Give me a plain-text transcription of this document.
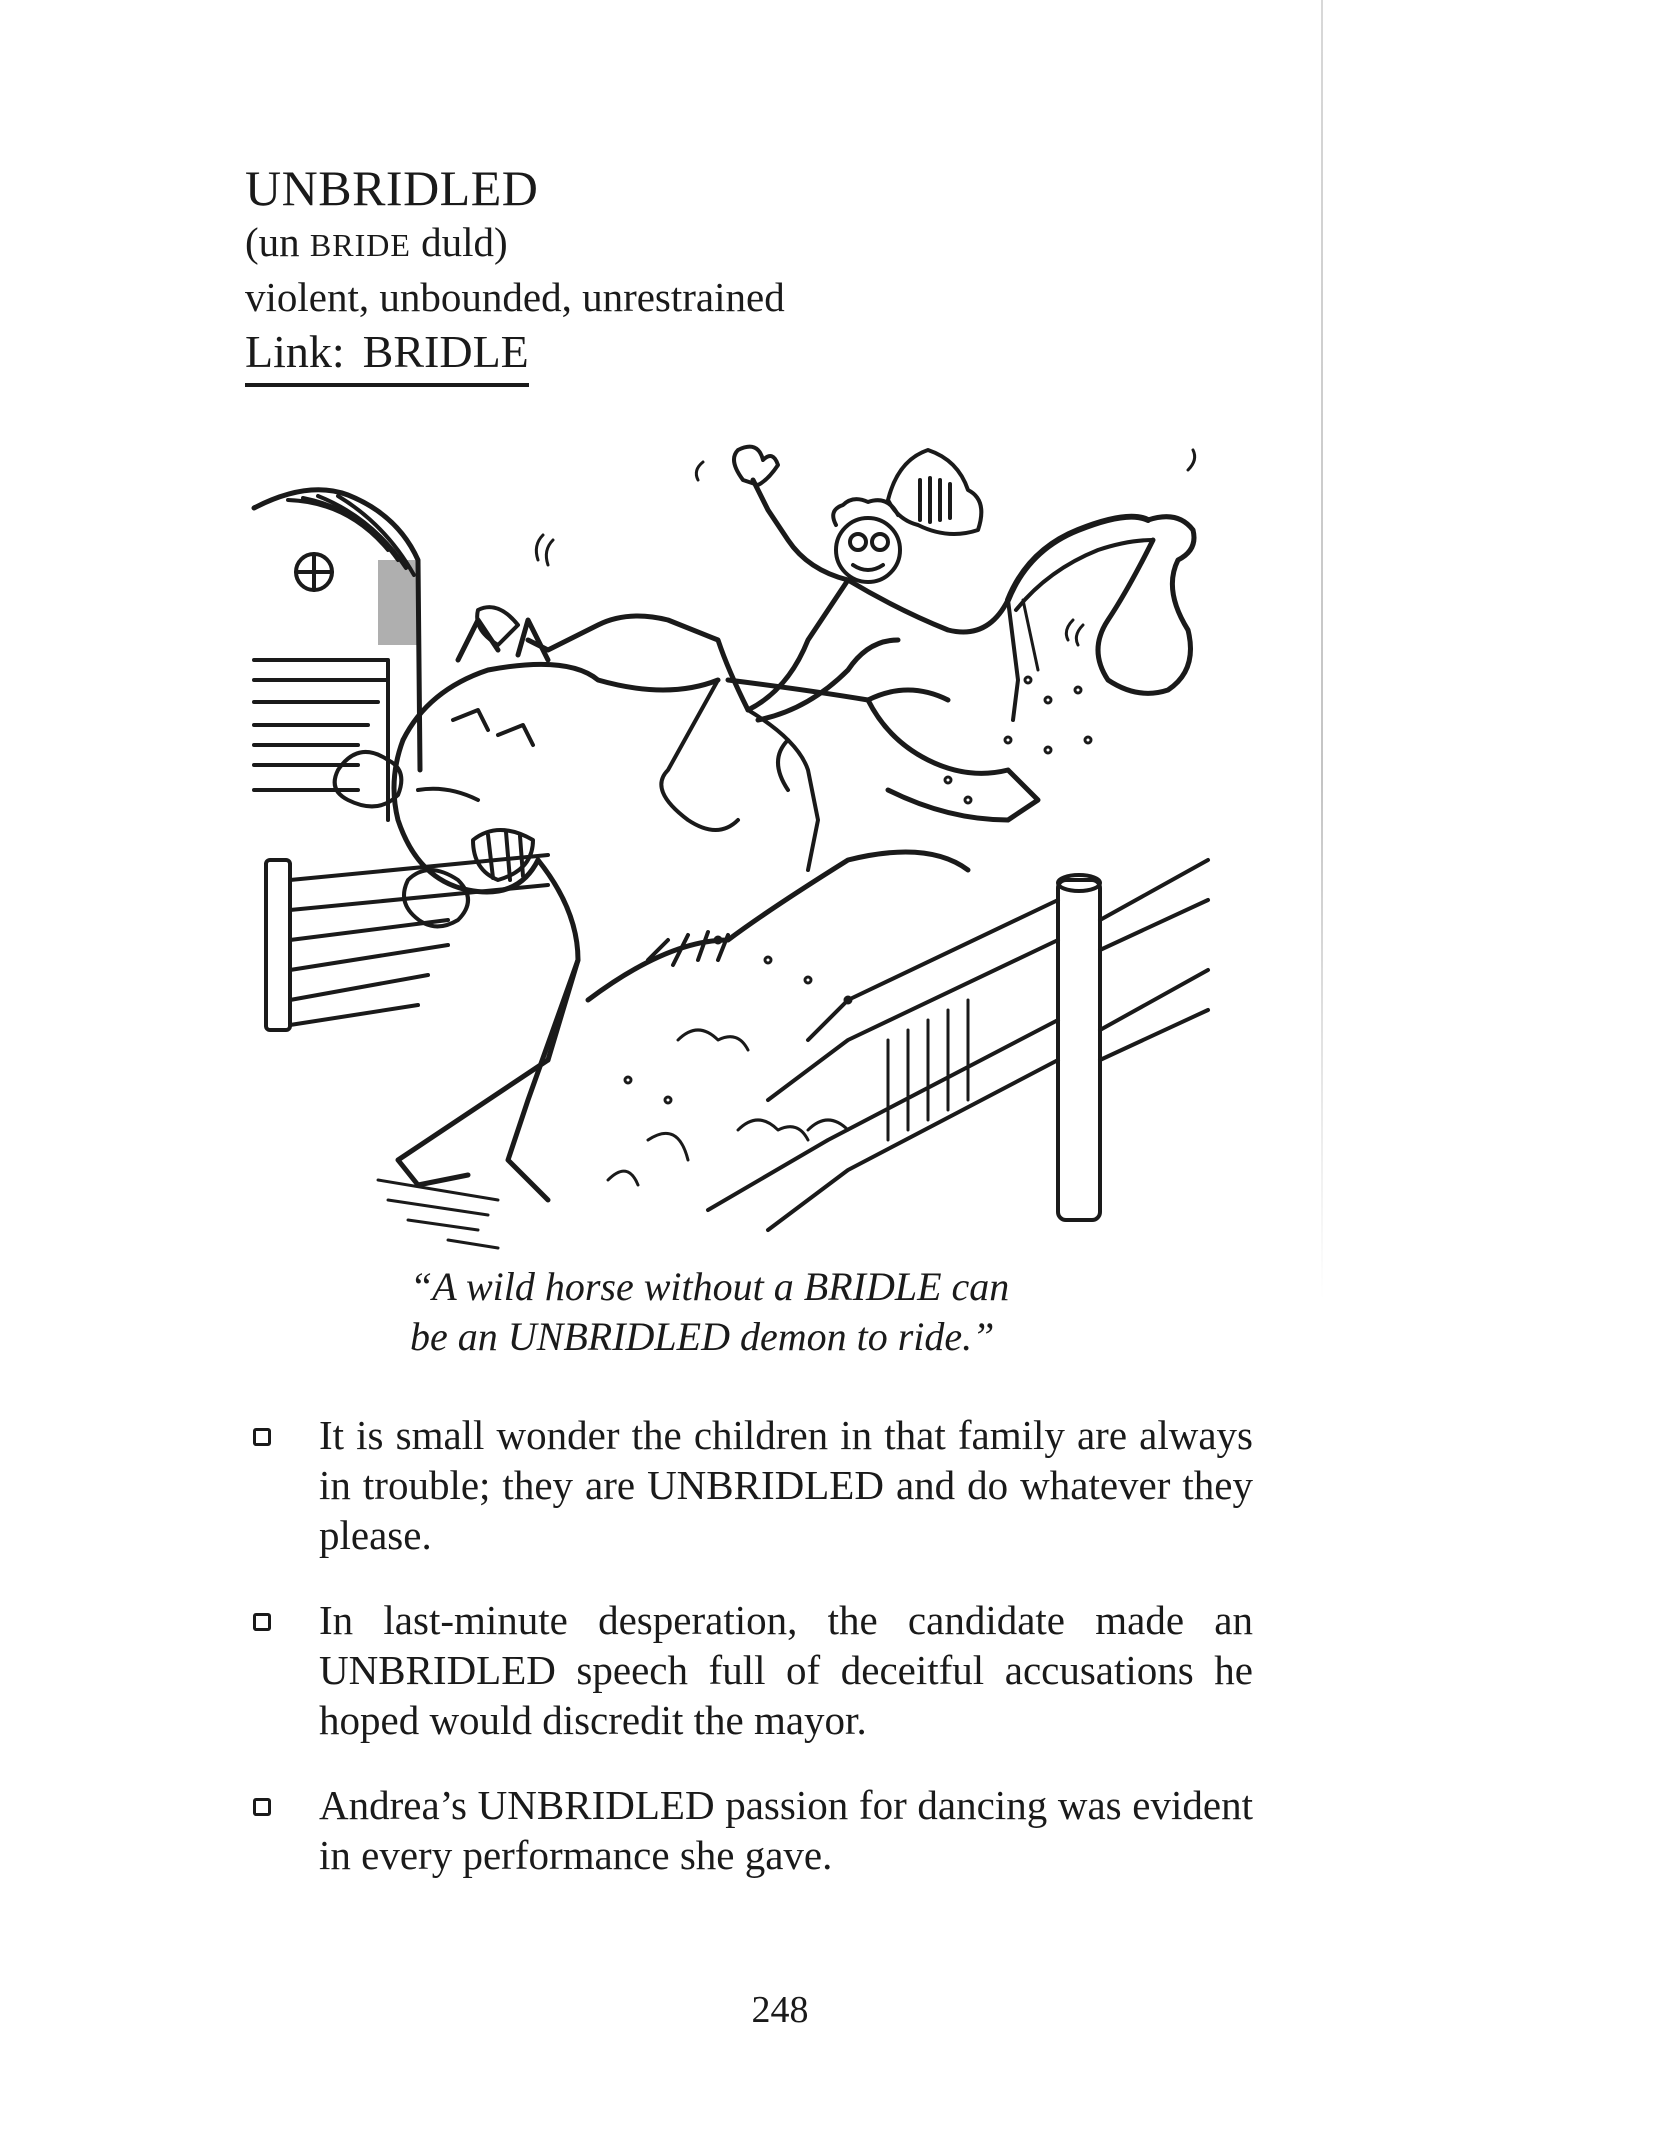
UNBRIDLED
(un BRIDE duld)
violent, unbounded, unrestrained
Link: BRIDLE
“A wild horse without a BRIDLE can
be an UNBRIDLED demon to ride.”
It is small wonder the children in that family are always in trouble; they are UNBRIDLED and do whatever they please.
In last-minute desperation, the candidate made an UNBRIDLED speech full of deceitful accusations he hoped would discredit the mayor.
Andrea’s UNBRIDLED passion for dancing was evident in every performance she gave.
248
